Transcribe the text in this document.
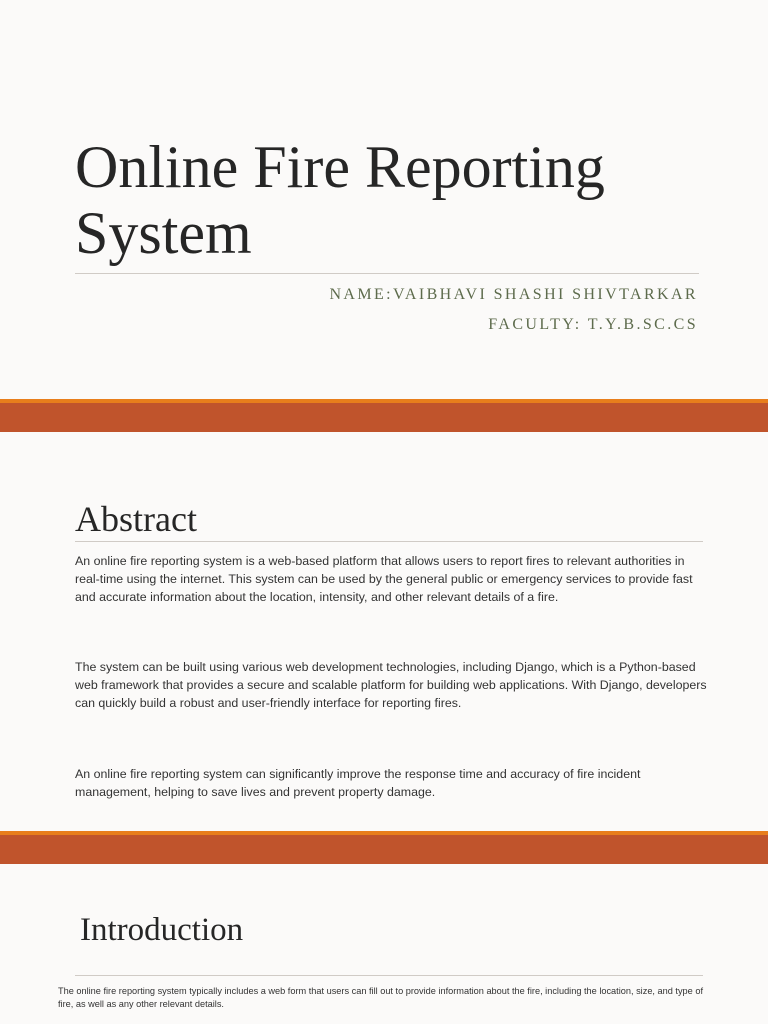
Online Fire Reporting System
NAME:VAIBHAVI SHASHI SHIVTARKAR
FACULTY: T.Y.B.SC.CS
Abstract

An online fire reporting system is a web-based platform that allows users to report fires to relevant authorities in real-time using the internet. This system can be used by the general public or emergency services to provide fast and accurate information about the location, intensity, and other relevant details of a fire.

The system can be built using various web development technologies, including Django, which is a Python-based web framework that provides a secure and scalable platform for building web applications. With Django, developers can quickly build a robust and user-friendly interface for reporting fires.

An online fire reporting system can significantly improve the response time and accuracy of fire incident management, helping to save lives and prevent property damage.

Introduction

The online fire reporting system typically includes a web form that users can fill out to provide information about the fire, including the location, size, and type of fire, as well as any other relevant details.
